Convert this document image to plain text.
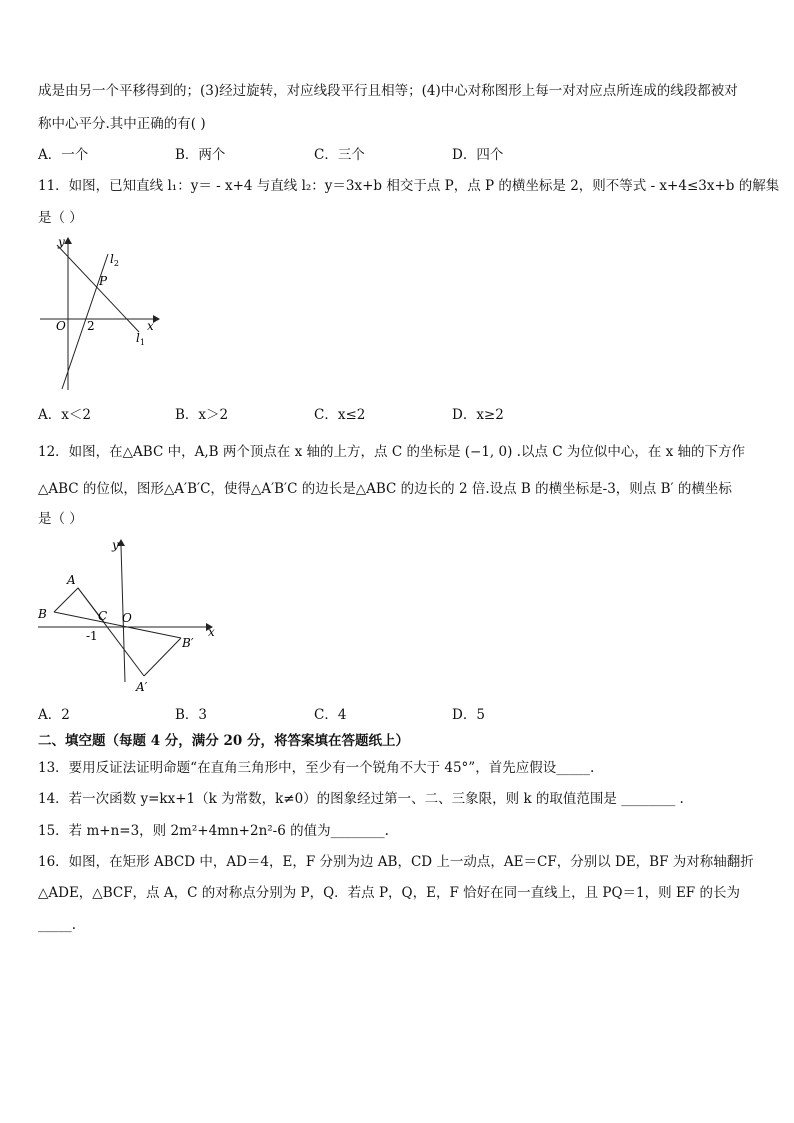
成是由另一个平移得到的；(3)经过旋转，对应线段平行且相等；(4)中心对称图形上每一对对应点所连成的线段都被对
称中心平分.其中正确的有( )
A．一个	B．两个	C．三个	D．四个
11．如图，已知直线 l₁：y＝ - x+4 与直线 l₂：y＝3x+b 相交于点 P，点 P 的横坐标是 2，则不等式 - x+4≤3x+b 的解集
是（ ）
y
$l_2$
P
O 2	x
$l_1$
A．x＜2	B．x＞2	C．x≤2	D．x≥2
12．如图，在△ABC 中，A,B 两个顶点在 x 轴的上方，点 C 的坐标是 (−1, 0) .以点 C 为位似中心，在 x 轴的下方作
△ABC 的位似，图形△A′B′C，使得△A′B′C 的边长是△ABC 的边长的 2 倍.设点 B 的横坐标是-3，则点 B′ 的横坐标
是（ ）
B
A
C O
y
-1	x
B′
A′
A．2	B．3	C．4	D．5
二、填空题（每题 4 分，满分 20 分，将答案填在答题纸上）
13．要用反证法证明命题“在直角三角形中，至少有一个锐角不大于 45°”，首先应假设_____.
14．若一次函数 y=kx+1（k 为常数，k≠0）的图象经过第一、二、三象限，则 k 的取值范围是 ________ .
15．若 m+n=3，则 2m²+4mn+2n²-6 的值为________.
16．如图，在矩形 ABCD 中，AD＝4，E，F 分别为边 AB，CD 上一动点，AE＝CF，分别以 DE，BF 为对称轴翻折
△ADE，△BCF，点 A，C 的对称点分别为 P，Q．若点 P，Q，E，F 恰好在同一直线上，且 PQ＝1，则 EF 的长为
_____.
